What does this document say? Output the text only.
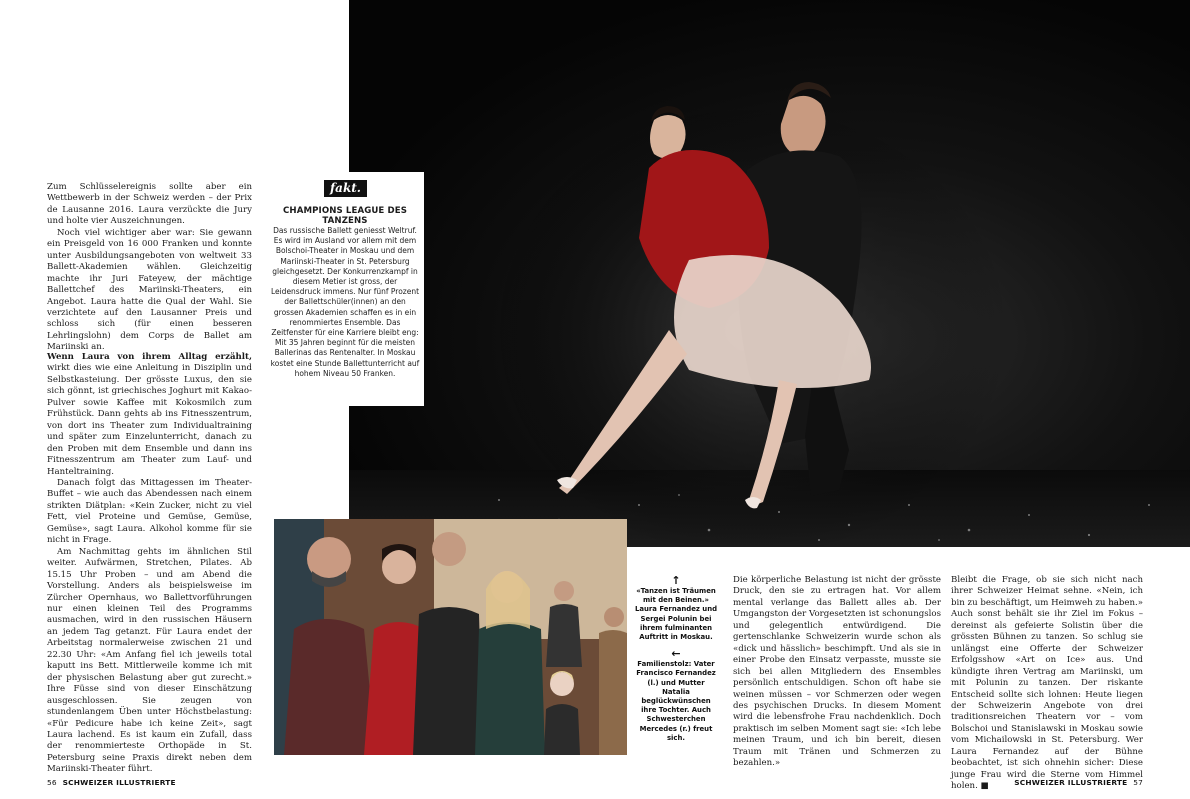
fakt.
CHAMPIONS LEAGUE DES TANZENS
Das russische Ballett geniesst Weltruf. Es wird im Ausland vor allem mit dem Bolschoi-Theater in Moskau und dem Mariinski-Theater in St. Petersburg gleichgesetzt. Der Konkurrenzkampf in diesem Metier ist gross, der Leidensdruck immens. Nur fünf Prozent der Ballettschüler(innen) an den grossen Akademien schaffen es in ein renommiertes Ensemble. Das Zeitfenster für eine Karriere bleibt eng: Mit 35 Jahren beginnt für die meisten Ballerinas das Rentenalter. In Moskau kostet eine Stunde Ballettunterricht auf hohem Niveau 50 Franken.

Zum Schlüsselereignis sollte aber ein Wettbewerb in der Schweiz werden – der Prix de Lausanne 2016. Laura verzückte die Jury und holte vier Auszeichnungen.

Noch viel wichtiger aber war: Sie gewann ein Preisgeld von 16 000 Franken und konnte unter Ausbildungsangeboten von weltweit 33 Ballett-Akademien wählen. Gleichzeitig machte ihr Juri Fateyew, der mächtige Ballettchef des Mariinski-Theaters, ein Angebot. Laura hatte die Qual der Wahl. Sie verzichtete auf den Lausanner Preis und schloss sich (für einen besseren Lehrlingslohn) dem Corps de Ballet am Mariinski an.

Wenn Laura von ihrem Alltag erzählt, wirkt dies wie eine Anleitung in Disziplin und Selbstkasteiung. Der grösste Luxus, den sie sich gönnt, ist griechisches Joghurt mit Kakao-Pulver sowie Kaffee mit Kokosmilch zum Frühstück. Dann gehts ab ins Fitnesszentrum, von dort ins Theater zum Individualtraining und später zum Einzelunterricht, danach zu den Proben mit dem Ensemble und dann ins Fitnesszentrum am Theater zum Lauf- und Hanteltraining.

Danach folgt das Mittagessen im Theater-Buffet – wie auch das Abendessen nach einem strikten Diätplan: «Kein Zucker, nicht zu viel Fett, viel Proteine und Gemüse, Gemüse, Gemüse», sagt Laura. Alkohol komme für sie nicht in Frage.

Am Nachmittag gehts im ähnlichen Stil weiter. Aufwärmen, Stretchen, Pilates. Ab 15.15 Uhr Proben – und am Abend die Vorstellung. Anders als beispielsweise im Zürcher Opernhaus, wo Ballettvorführungen nur einen kleinen Teil des Programms ausmachen, wird in den russischen Häusern an jedem Tag getanzt. Für Laura endet der Arbeitstag normalerweise zwischen 21 und 22.30 Uhr: «Am Anfang fiel ich jeweils total kaputt ins Bett. Mittlerweile komme ich mit der physischen Belastung aber gut zurecht.» Ihre Füsse sind von dieser Einschätzung ausgeschlossen. Sie zeugen von stundenlangem Üben unter Höchstbelastung: «Für Pedicure habe ich keine Zeit», sagt Laura lachend. Es ist kaum ein Zufall, dass der renommierteste Orthopäde in St. Petersburg seine Praxis direkt neben dem Mariinski-Theater führt.

↑
«Tanzen ist Träumen mit den Beinen.» Laura Fernandez und Sergei Polunin bei ihrem fulminanten Auftritt in Moskau.
←
Familienstolz: Vater Francisco Fernandez (l.) und Mutter Natalia beglückwünschen ihre Tochter. Auch Schwesterchen Mercedes (r.) freut sich.

Die körperliche Belastung ist nicht der grösste Druck, den sie zu ertragen hat. Vor allem mental verlange das Ballett alles ab. Der Umgangston der Vorgesetzten ist schonungslos und gelegentlich entwürdigend. Die gertenschlanke Schweizerin wurde schon als «dick und hässlich» beschimpft. Und als sie in einer Probe den Einsatz verpasste, musste sie sich bei allen Mitgliedern des Ensembles persönlich entschuldigen. Schon oft habe sie weinen müssen – vor Schmerzen oder wegen des psychischen Drucks. In diesem Moment wird die lebensfrohe Frau nachdenklich. Doch praktisch im selben Moment sagt sie: «Ich lebe meinen Traum, und ich bin bereit, diesen Traum mit Tränen und Schmerzen zu bezahlen.»

Bleibt die Frage, ob sie sich nicht nach ihrer Schweizer Heimat sehne. «Nein, ich bin zu beschäftigt, um Heimweh zu haben.» Auch sonst behält sie ihr Ziel im Fokus – dereinst als gefeierte Solistin über die grössten Bühnen zu tanzen. So schlug sie unlängst eine Offerte der Schweizer Erfolgsshow «Art on Ice» aus. Und kündigte ihren Vertrag am Mariinski, um mit Polunin zu tanzen. Der riskante Entscheid sollte sich lohnen: Heute liegen der Schweizerin Angebote von drei traditionsreichen Theatern vor – vom Bolschoi und Stanislawski in Moskau sowie vom Michailowski in St. Petersburg. Wer Laura Fernandez auf der Bühne beobachtet, ist sich ohnehin sicher: Diese junge Frau wird die Sterne vom Himmel holen. ■

56 SCHWEIZER ILLUSTRIERTE	SCHWEIZER ILLUSTRIERTE 57
